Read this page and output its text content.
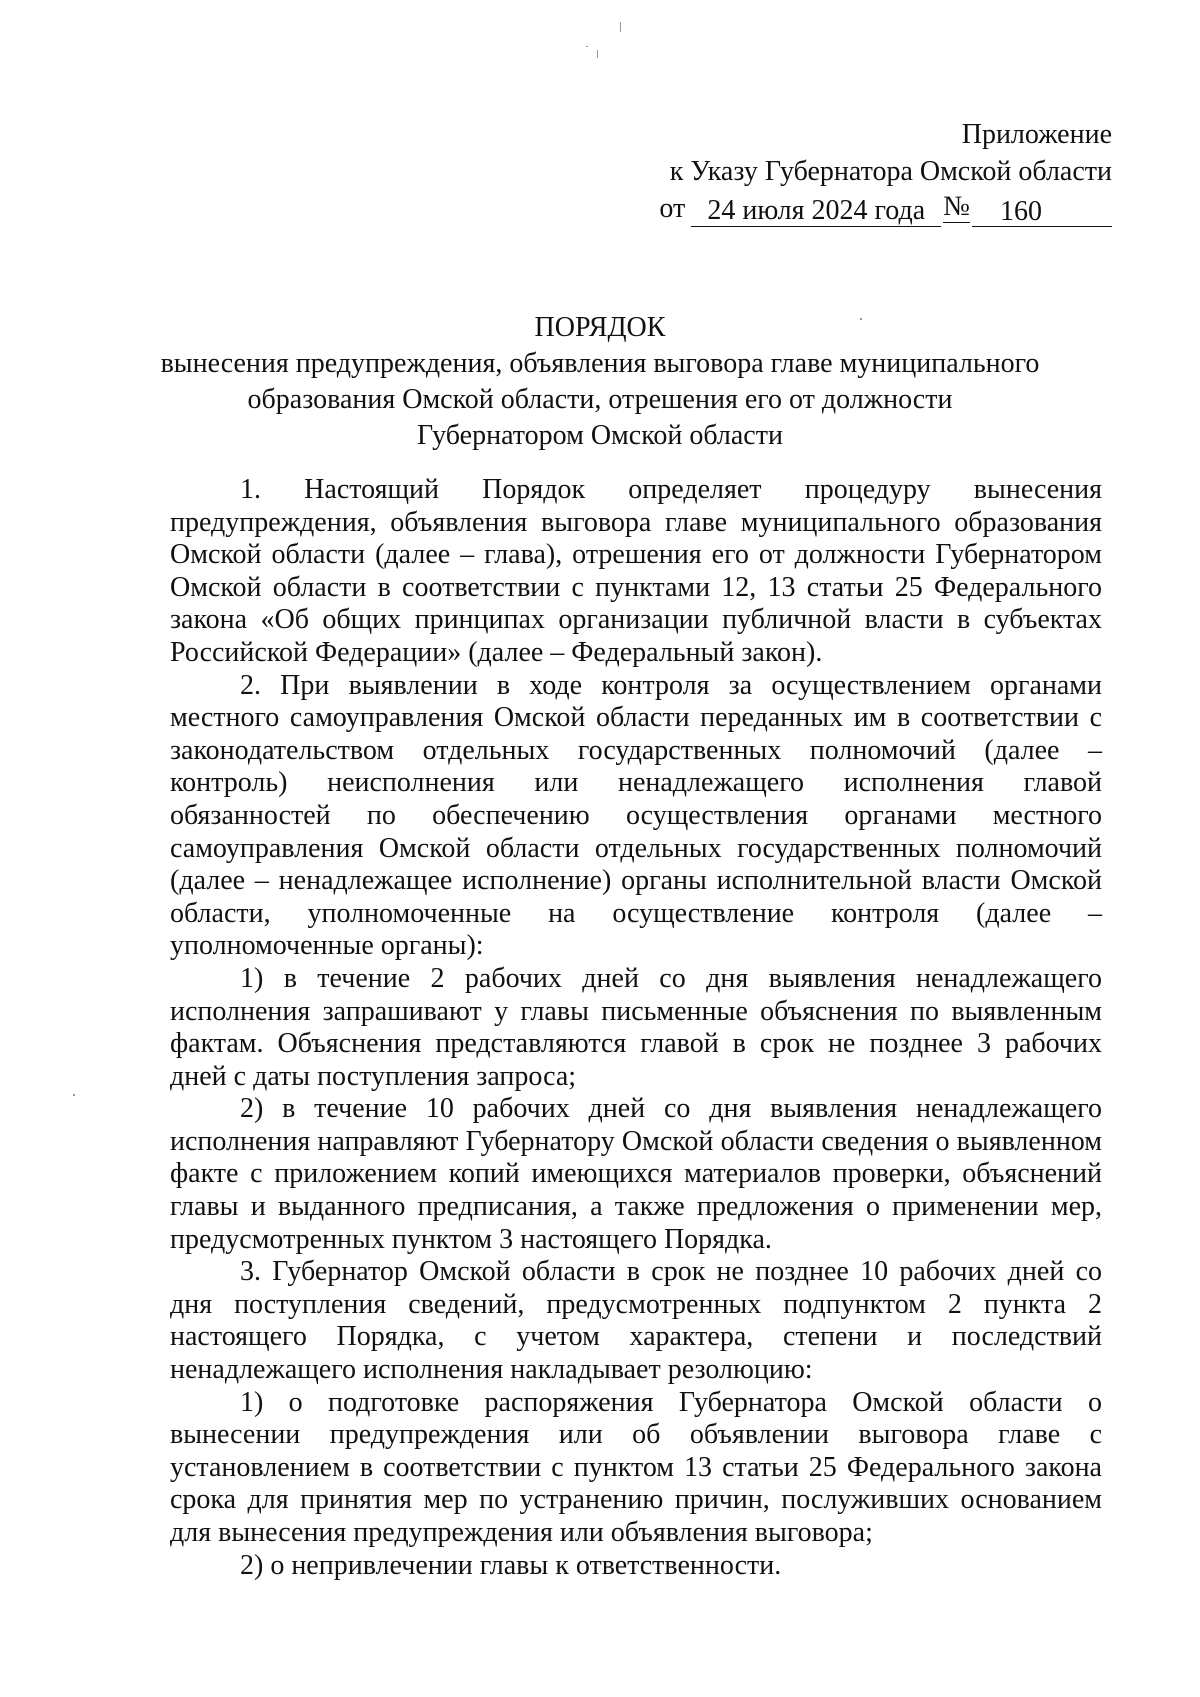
Приложение
к Указу Губернатора Омской области
от 24 июля 2024 года №	160
ПОРЯДОК
вынесения предупреждения, объявления выговора главе муниципального
образования Омской области, отрешения его от должности
Губернатором Омской области

1. Настоящий Порядок определяет процедуру вынесения предупреждения, объявления выговора главе муниципального образования Омской области (далее – глава), отрешения его от должности Губернатором Омской области в соответствии с пунктами 12, 13 статьи 25 Федерального закона «Об общих принципах организации публичной власти в субъектах Российской Федерации» (далее – Федеральный закон).

2. При выявлении в ходе контроля за осуществлением органами местного самоуправления Омской области переданных им в соответствии с законодательством отдельных государственных полномочий (далее – контроль) неисполнения или ненадлежащего исполнения главой обязанностей по обеспечению осуществления органами местного самоуправления Омской области отдельных государственных полномочий (далее – ненадлежащее исполнение) органы исполнительной власти Омской области, уполномоченные на осуществление контроля (далее – уполномоченные органы):

1) в течение 2 рабочих дней со дня выявления ненадлежащего исполнения запрашивают у главы письменные объяснения по выявленным фактам. Объяснения представляются главой в срок не позднее 3 рабочих дней с даты поступления запроса;

2) в течение 10 рабочих дней со дня выявления ненадлежащего исполнения направляют Губернатору Омской области сведения о выявленном факте с приложением копий имеющихся материалов проверки, объяснений главы и выданного предписания, а также предложения о применении мер, предусмотренных пунктом 3 настоящего Порядка.

3. Губернатор Омской области в срок не позднее 10 рабочих дней со дня поступления сведений, предусмотренных подпунктом 2 пункта 2 настоящего Порядка, с учетом характера, степени и последствий ненадлежащего исполнения накладывает резолюцию:

1) о подготовке распоряжения Губернатора Омской области о вынесении предупреждения или об объявлении выговора главе с установлением в соответствии с пунктом 13 статьи 25 Федерального закона срока для принятия мер по устранению причин, послуживших основанием для вынесения предупреждения или объявления выговора;

2) о непривлечении главы к ответственности.
